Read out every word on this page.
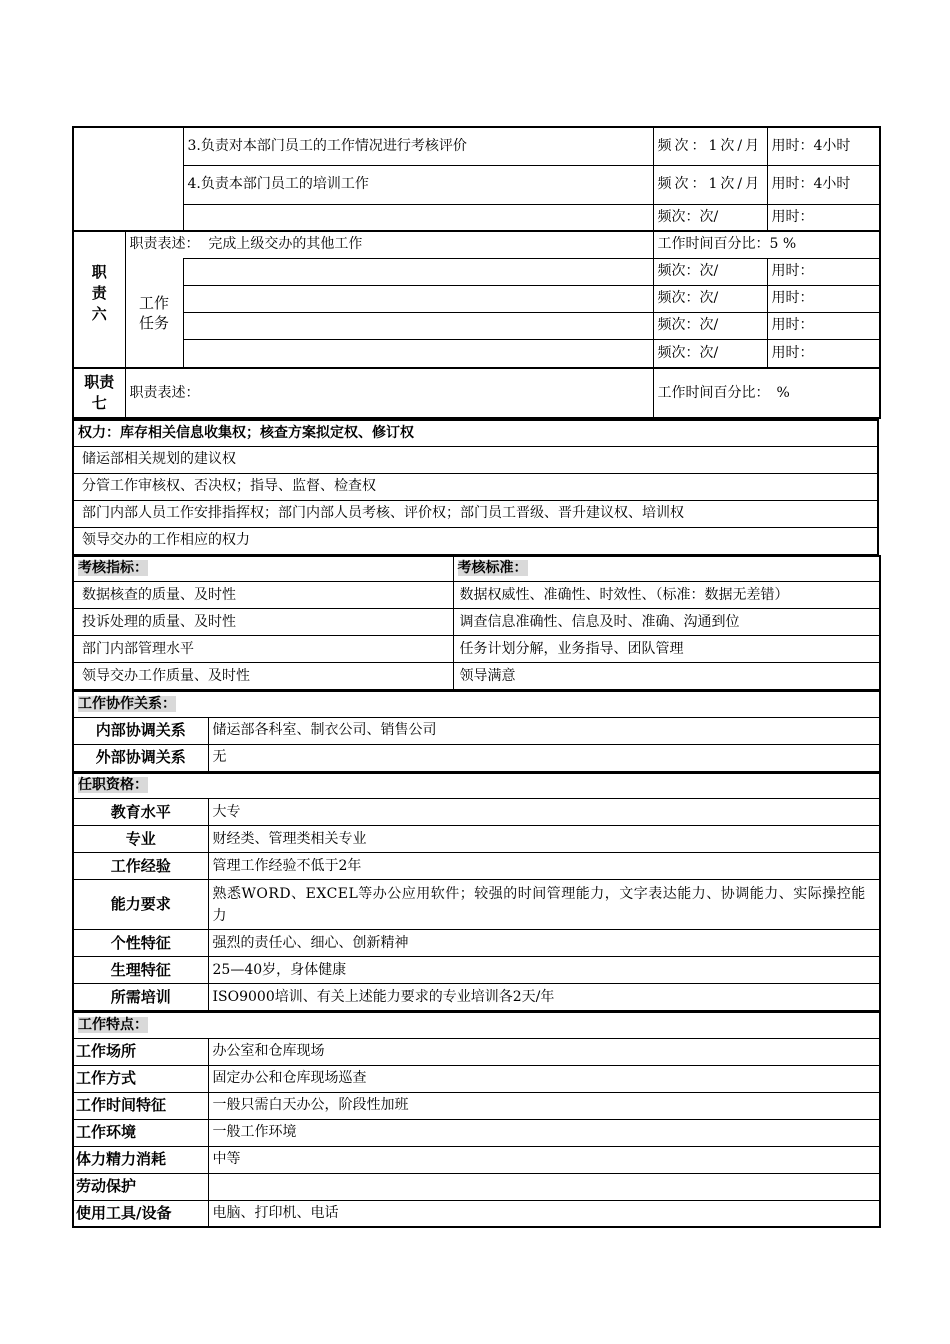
		3.负责对本部门员工的工作情况进行考核评价	频次：1次/月	用时：4小时
		4.负责本部门员工的培训工作	频次：1次/月	用时：4小时
			频次：次/	用时：
职责六	职责表述： 完成上级交办的其他工作		工作时间百分比：5 %	
	工作任务		频次：次/	用时：
			频次：次/	用时：
			频次：次/	用时：
			频次：次/	用时：
职责七	职责表述：		工作时间百分比：　%	
权力：库存相关信息收集权；核查方案拟定权、修订权
储运部相关规划的建议权
分管工作审核权、否决权；指导、监督、检查权
部门内部人员工作安排指挥权；部门内部人员考核、评价权；部门员工晋级、晋升建议权、培训权
领导交办的工作相应的权力
考核指标：	考核标准：
数据核查的质量、及时性	数据权威性、准确性、时效性、（标准：数据无差错）
投诉处理的质量、及时性	调查信息准确性、信息及时、准确、沟通到位
部门内部管理水平	任务计划分解，业务指导、团队管理
领导交办工作质量、及时性	领导满意
工作协作关系：	
内部协调关系	储运部各科室、制衣公司、销售公司
外部协调关系	无
任职资格：	
教育水平	大专
专业	财经类、管理类相关专业
工作经验	管理工作经验不低于2年
能力要求	熟悉WORD、EXCEL等办公应用软件；较强的时间管理能力，文字表达能力、协调能力、实际操控能力
个性特征	强烈的责任心、细心、创新精神
生理特征	25—40岁，身体健康
所需培训	ISO9000培训、有关上述能力要求的专业培训各2天/年
工作特点：	
工作场所	办公室和仓库现场
工作方式	固定办公和仓库现场巡查
工作时间特征	一般只需白天办公，阶段性加班
工作环境	一般工作环境
体力精力消耗	中等
劳动保护	
使用工具/设备	电脑、打印机、电话
